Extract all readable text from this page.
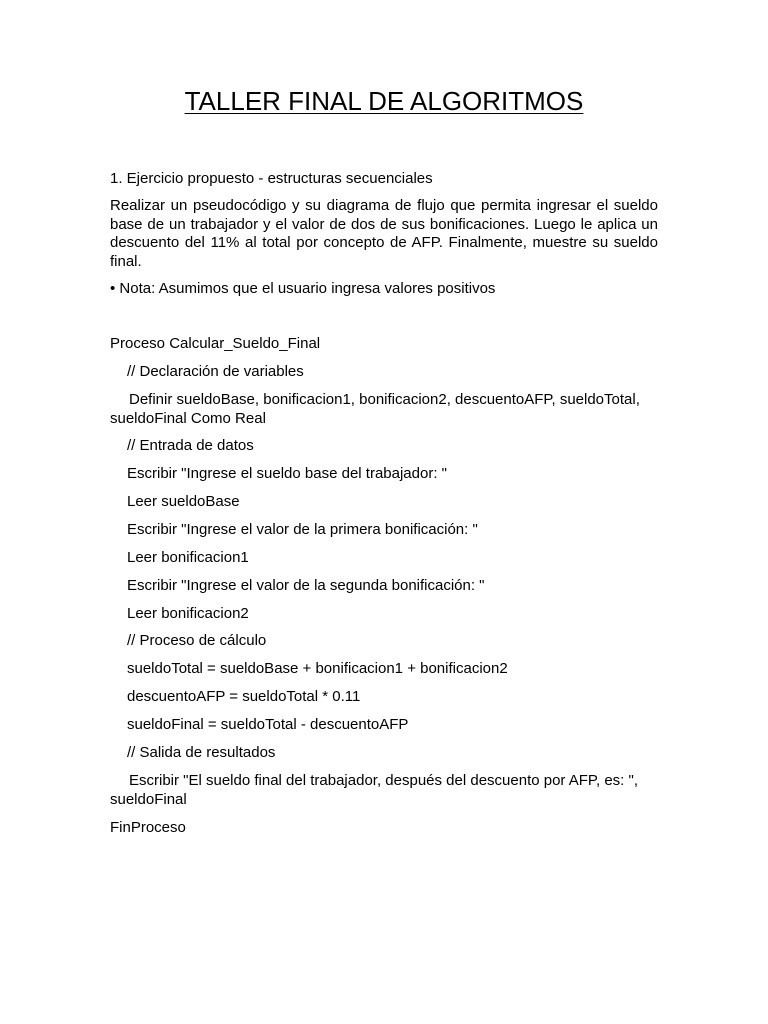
TALLER FINAL DE ALGORITMOS
1. Ejercicio propuesto - estructuras secuenciales
Realizar un pseudocódigo y su diagrama de flujo que permita ingresar el sueldo base de un trabajador y el valor de dos de sus bonificaciones. Luego le aplica un descuento del 11% al total por concepto de AFP. Finalmente, muestre su sueldo final.
• Nota: Asumimos que el usuario ingresa valores positivos
Proceso Calcular_Sueldo_Final
// Declaración de variables
Definir sueldoBase, bonificacion1, bonificacion2, descuentoAFP, sueldoTotal, sueldoFinal Como Real
// Entrada de datos
Escribir "Ingrese el sueldo base del trabajador: "
Leer sueldoBase
Escribir "Ingrese el valor de la primera bonificación: "
Leer bonificacion1
Escribir "Ingrese el valor de la segunda bonificación: "
Leer bonificacion2
// Proceso de cálculo
sueldoTotal = sueldoBase + bonificacion1 + bonificacion2
descuentoAFP = sueldoTotal * 0.11
sueldoFinal = sueldoTotal - descuentoAFP
// Salida de resultados
Escribir "El sueldo final del trabajador, después del descuento por AFP, es: ", sueldoFinal
FinProceso
